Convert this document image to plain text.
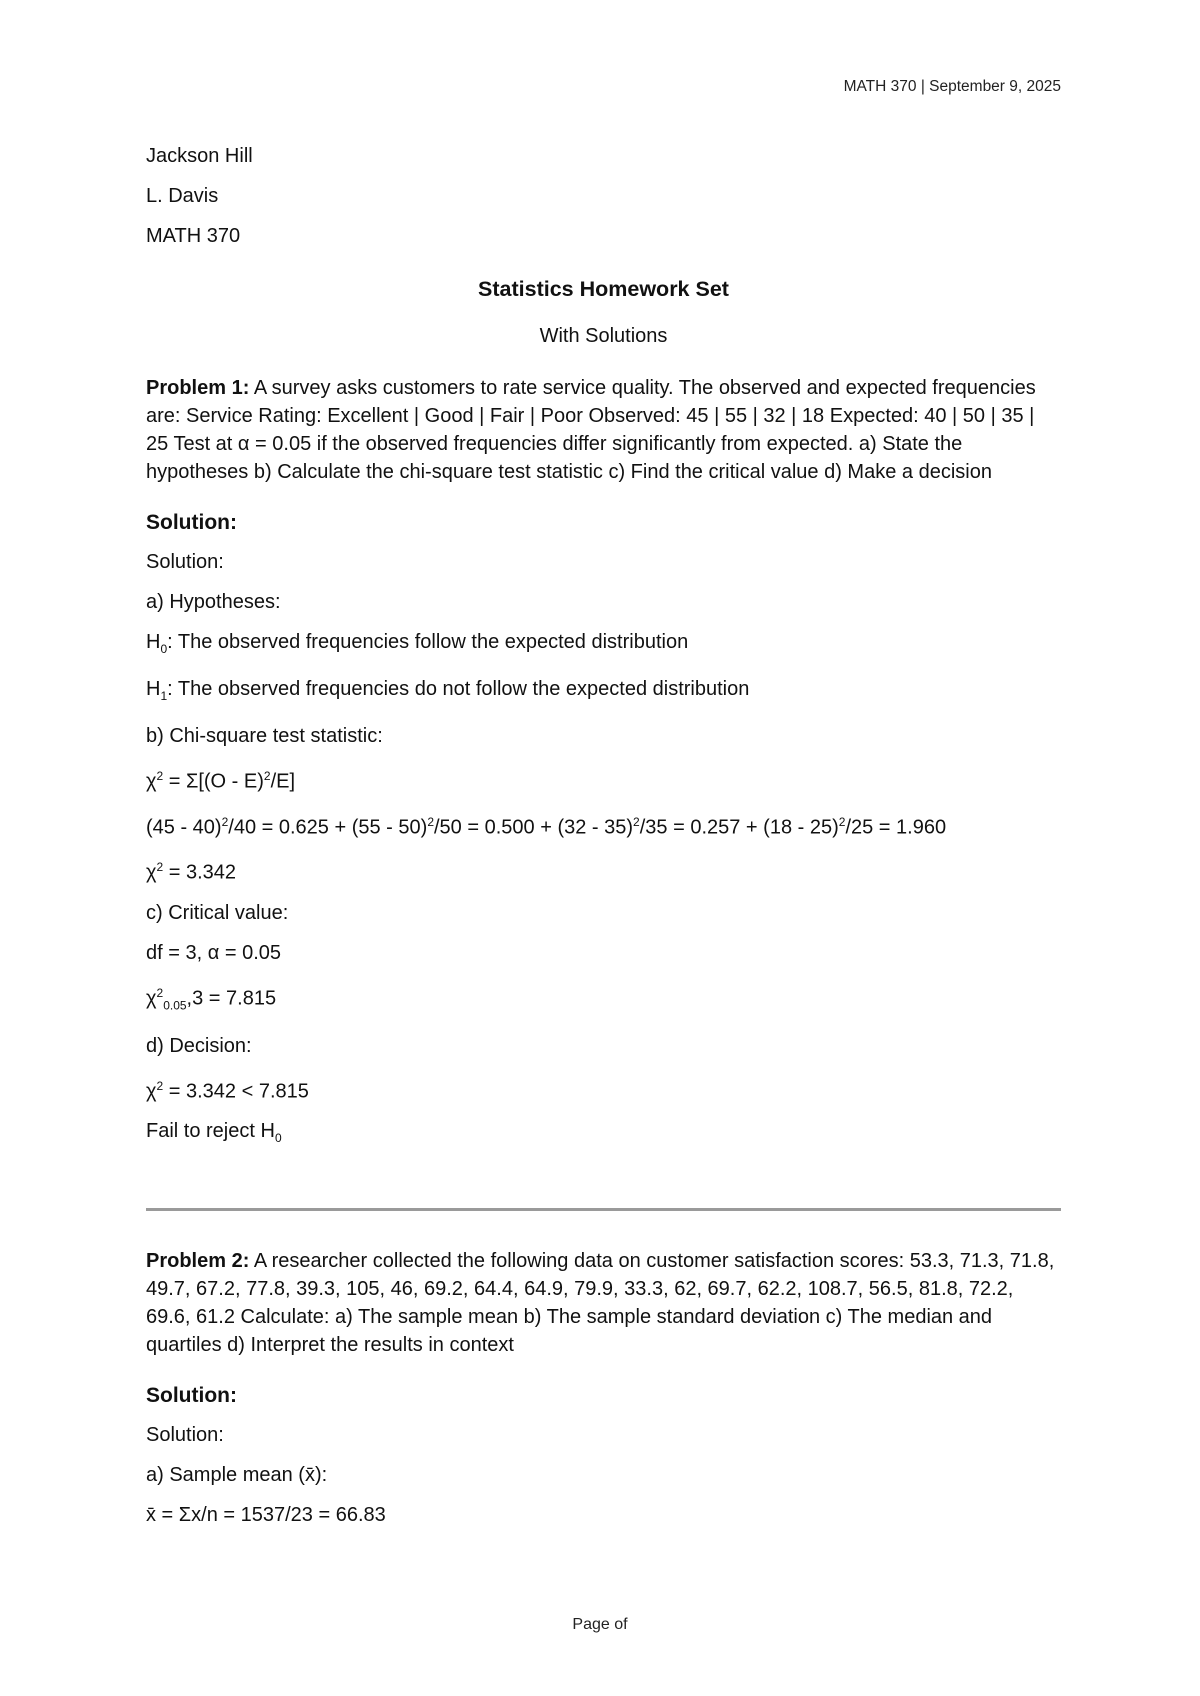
MATH 370 | September 9, 2025
Jackson Hill
L. Davis
MATH 370
Statistics Homework Set
With Solutions
Problem 1: A survey asks customers to rate service quality. The observed and expected frequencies are: Service Rating: Excellent | Good | Fair | Poor Observed: 45 | 55 | 32 | 18 Expected: 40 | 50 | 35 | 25 Test at α = 0.05 if the observed frequencies differ significantly from expected. a) State the hypotheses b) Calculate the chi-square test statistic c) Find the critical value d) Make a decision
Solution:
Solution:
a) Hypotheses:
$H_0$: The observed frequencies follow the expected distribution
$H_1$: The observed frequencies do not follow the expected distribution
b) Chi-square test statistic:
$\chi^2 = \Sigma[(O - E)^2/E]$
(45 - 40)$^2$/40 = 0.625 + (55 - 50)$^2$/50 = 0.500 + (32 - 35)$^2$/35 = 0.257 + (18 - 25)$^2$/25 = 1.960
$\chi^2 = 3.342$
c) Critical value:
df = 3, α = 0.05
$\chi^2_{0.05},3 = 7.815$
d) Decision:
$\chi^2 = 3.342 < 7.815$
Fail to reject $H_0$
Problem 2: A researcher collected the following data on customer satisfaction scores: 53.3, 71.3, 71.8, 49.7, 67.2, 77.8, 39.3, 105, 46, 69.2, 64.4, 64.9, 79.9, 33.3, 62, 69.7, 62.2, 108.7, 56.5, 81.8, 72.2, 69.6, 61.2 Calculate: a) The sample mean b) The sample standard deviation c) The median and quartiles d) Interpret the results in context
Solution:
Solution:
a) Sample mean (x̄):
x̄ = Σx/n = 1537/23 = 66.83
Page of
